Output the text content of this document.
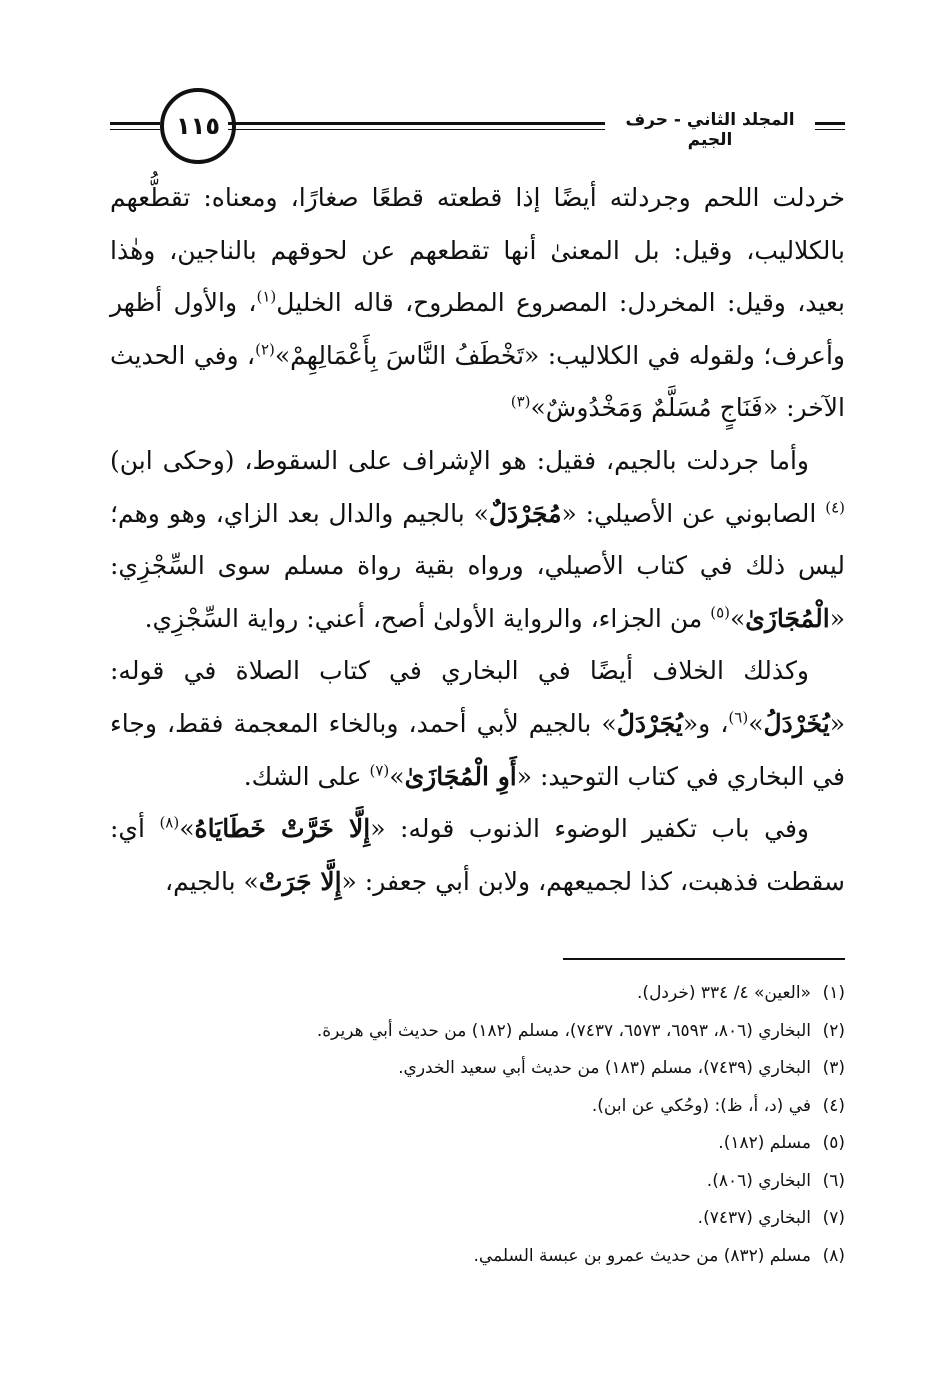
١١٥	المجلد الثاني - حرف الجيم

خردلت اللحم وجردلته أيضًا إذا قطعته قطعًا صغارًا، ومعناه: تقطُّعهم بالكلاليب، وقيل: بل المعنىٰ أنها تقطعهم عن لحوقهم بالناجين، وهٰذا بعيد، وقيل: المخردل: المصروع المطروح، قاله الخليل$^{(١)}$، والأول أظهر وأعرف؛ ولقوله في الكلاليب: «تَخْطَفُ النَّاسَ بِأَعْمَالِهِمْ»$^{(٢)}$، وفي الحديث الآخر: «فَنَاجٍ مُسَلَّمٌ وَمَخْدُوشٌ»$^{(٣)}$

وأما جردلت بالجيم، فقيل: هو الإشراف على السقوط، (وحكى ابن)$^{(٤)}$ الصابوني عن الأصيلي: «مُجَرْدَلٌ» بالجيم والدال بعد الزاي، وهو وهم؛ ليس ذلك في كتاب الأصيلي، ورواه بقية رواة مسلم سوى السِّجْزِي: «الْمُجَازَىٰ»$^{(٥)}$ من الجزاء، والرواية الأولىٰ أصح، أعني: رواية السِّجْزِي.

وكذلك الخلاف أيضًا في البخاري في كتاب الصلاة في قوله: «يُخَرْدَلُ»$^{(٦)}$، و«يُجَرْدَلُ» بالجيم لأبي أحمد، وبالخاء المعجمة فقط، وجاء في البخاري في كتاب التوحيد: «أَوِ الْمُجَازَىٰ»$^{(٧)}$ على الشك.

وفي باب تكفير الوضوء الذنوب قوله: «إِلَّا خَرَّتْ خَطَايَاهُ»$^{(٨)}$ أي: سقطت فذهبت، كذا لجميعهم، ولابن أبي جعفر: «إِلَّا جَرَتْ» بالجيم،

(١)«العين» ٤/ ٣٣٤ (خردل).
(٢)البخاري (٨٠٦، ٦٥٩٣، ٦٥٧٣، ٧٤٣٧)، مسلم (١٨٢) من حديث أبي هريرة.
(٣)البخاري (٧٤٣٩)، مسلم (١٨٣) من حديث أبي سعيد الخدري.
(٤)في (د، أ، ظ): (وحُكي عن ابن).
(٥)مسلم (١٨٢).
(٦)البخاري (٨٠٦).
(٧)البخاري (٧٤٣٧).
(٨)مسلم (٨٣٢) من حديث عمرو بن عبسة السلمي.
